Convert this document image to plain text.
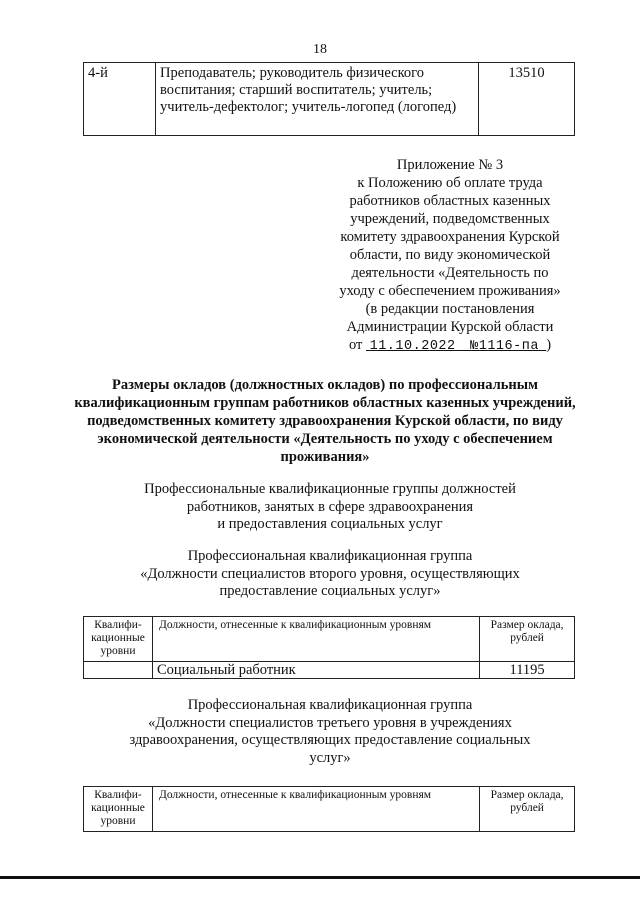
18
4-й	Преподаватель; руководитель физического воспитания; старший воспитатель; учитель; учитель-дефектолог; учитель-логопед (логопед)	13510
Приложение № 3
к Положению об оплате труда
работников областных казенных
учреждений, подведомственных
комитету здравоохранения Курской
области, по виду экономической
деятельности «Деятельность по
уходу с обеспечением проживания»
(в редакции постановления
Администрации Курской области
от 11.10.2022 №1116-па )
Размеры окладов (должностных окладов) по профессиональным квалификационным группам работников областных казенных учреждений, подведомственных комитету здравоохранения Курской области, по виду экономической деятельности «Деятельность по уходу с обеспечением проживания»
Профессиональные квалификационные группы должностей
работников, занятых в сфере здравоохранения
и предоставления социальных услуг
Профессиональная квалификационная группа
«Должности специалистов второго уровня, осуществляющих
предоставление социальных услуг»
Квалифи- кационные уровни	Должности, отнесенные к квалификационным уровням	Размер оклада, рублей
	Социальный работник	11195
Профессиональная квалификационная группа
«Должности специалистов третьего уровня в учреждениях
здравоохранения, осуществляющих предоставление социальных
услуг»
Квалифи- кационные уровни	Должности, отнесенные к квалификационным уровням	Размер оклада, рублей
